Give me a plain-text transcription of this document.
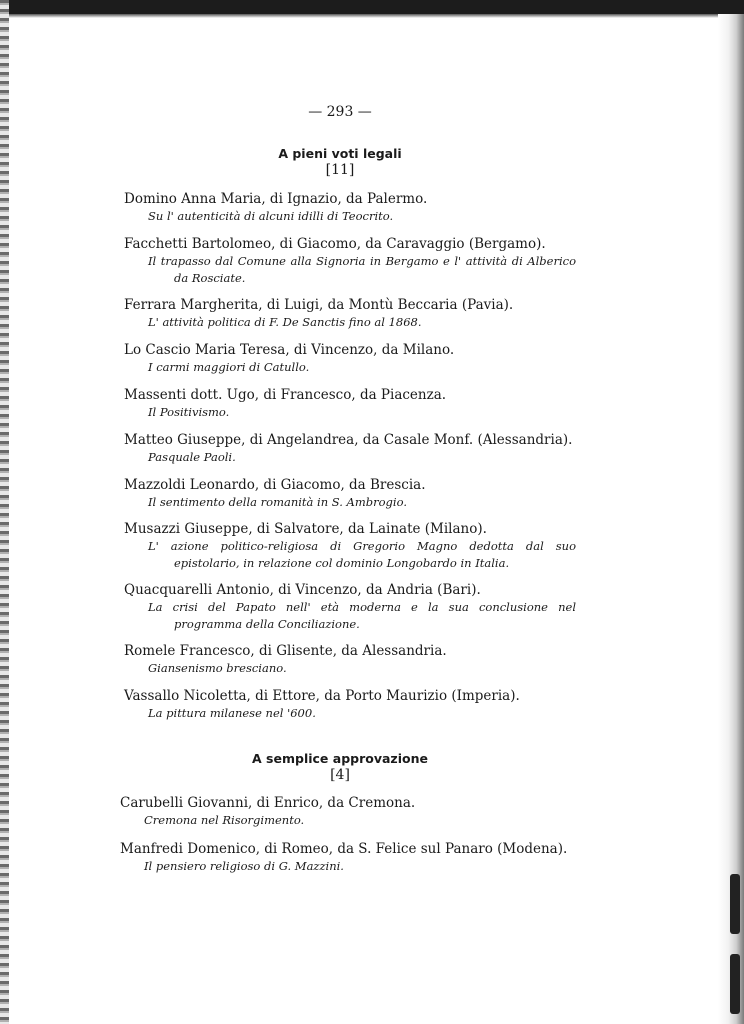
— 293 —
A pieni voti legali
[11]
Domino Anna Maria, di Ignazio, da Palermo.
Su l' autenticità di alcuni idilli di Teocrito.
Facchetti Bartolomeo, di Giacomo, da Caravaggio (Bergamo).
Il trapasso dal Comune alla Signoria in Bergamo e l' attività di Alberico da Rosciate.
Ferrara Margherita, di Luigi, da Montù Beccaria (Pavia).
L' attività politica di F. De Sanctis fino al 1868.
Lo Cascio Maria Teresa, di Vincenzo, da Milano.
I carmi maggiori di Catullo.
Massenti dott. Ugo, di Francesco, da Piacenza.
Il Positivismo.
Matteo Giuseppe, di Angelandrea, da Casale Monf. (Alessandria).
Pasquale Paoli.
Mazzoldi Leonardo, di Giacomo, da Brescia.
Il sentimento della romanità in S. Ambrogio.
Musazzi Giuseppe, di Salvatore, da Lainate (Milano).
L' azione politico-religiosa di Gregorio Magno dedotta dal suo epistolario, in relazione col dominio Longobardo in Italia.
Quacquarelli Antonio, di Vincenzo, da Andria (Bari).
La crisi del Papato nell' età moderna e la sua conclusione nel programma della Conciliazione.
Romele Francesco, di Glisente, da Alessandria.
Giansenismo bresciano.
Vassallo Nicoletta, di Ettore, da Porto Maurizio (Imperia).
La pittura milanese nel '600.
A semplice approvazione
[4]
Carubelli Giovanni, di Enrico, da Cremona.
Cremona nel Risorgimento.
Manfredi Domenico, di Romeo, da S. Felice sul Panaro (Modena).
Il pensiero religioso di G. Mazzini.
